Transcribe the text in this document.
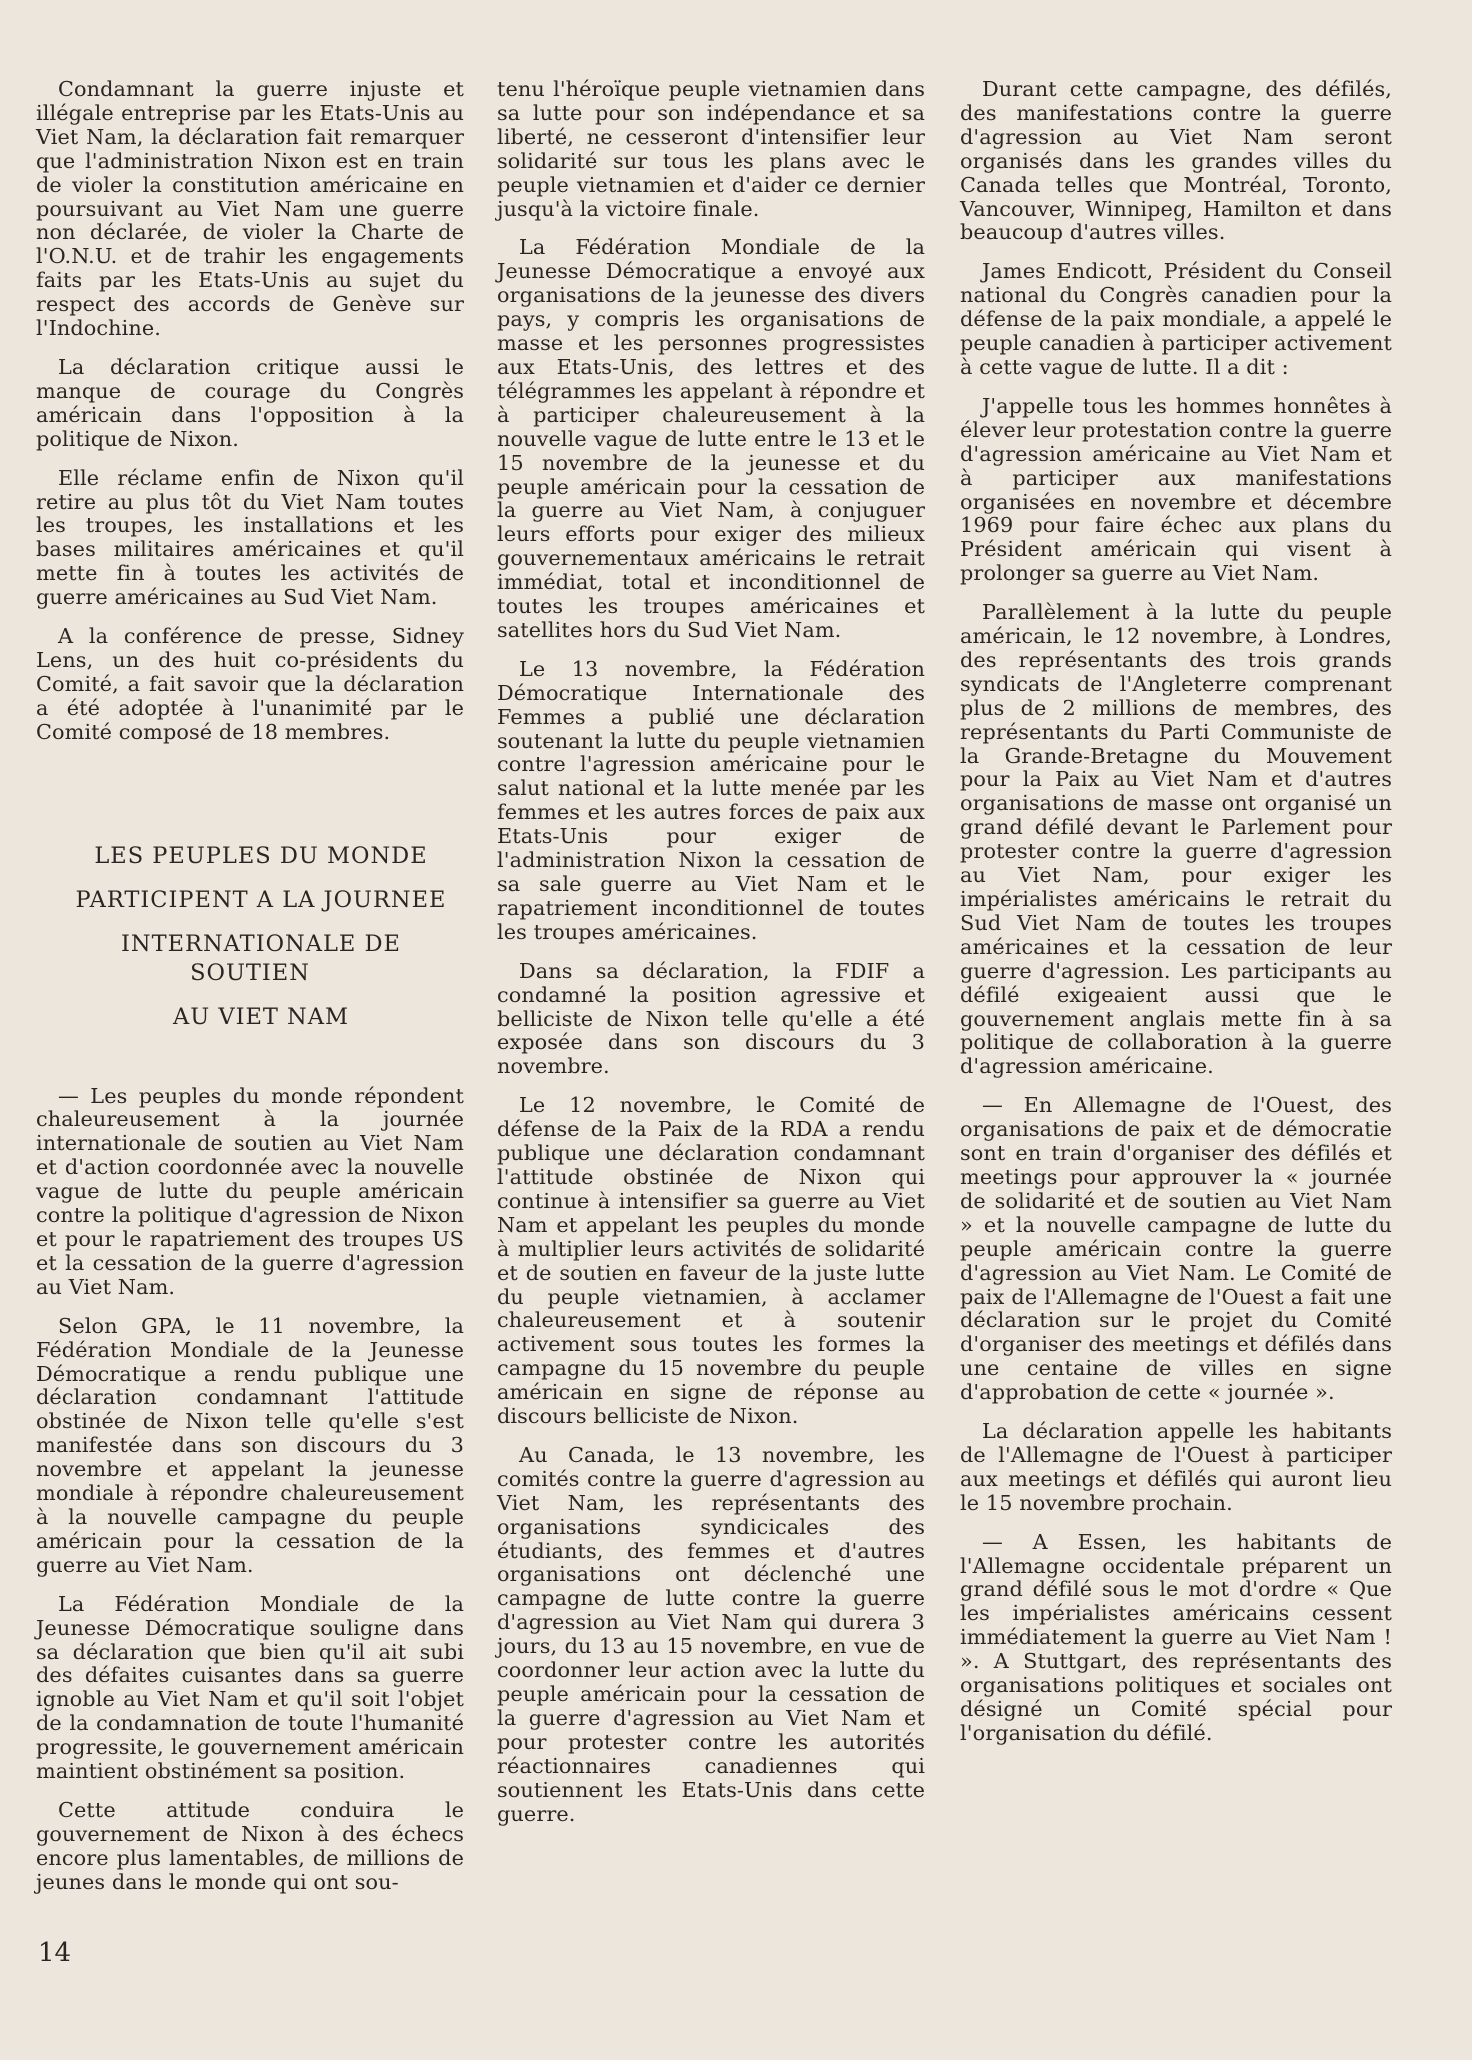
Condamnant la guerre injuste et illégale entreprise par les Etats-Unis au Viet Nam, la déclaration fait remarquer que l'administration Nixon est en train de violer la constitution américaine en poursuivant au Viet Nam une guerre non déclarée, de violer la Charte de l'O.N.U. et de trahir les engagements faits par les Etats-Unis au sujet du respect des accords de Genève sur l'Indochine.

La déclaration critique aussi le manque de courage du Congrès américain dans l'opposition à la politique de Nixon.

Elle réclame enfin de Nixon qu'il retire au plus tôt du Viet Nam toutes les troupes, les installations et les bases militaires américaines et qu'il mette fin à toutes les activités de guerre américaines au Sud Viet Nam.

A la conférence de presse, Sidney Lens, un des huit co-présidents du Comité, a fait savoir que la déclaration a été adoptée à l'unanimité par le Comité composé de 18 membres.

LES PEUPLES DU MONDE

PARTICIPENT A LA JOURNEE

INTERNATIONALE DE SOUTIEN

AU VIET NAM

— Les peuples du monde répondent chaleureusement à la journée internationale de soutien au Viet Nam et d'action coordonnée avec la nouvelle vague de lutte du peuple américain contre la politique d'agression de Nixon et pour le rapatriement des troupes US et la cessation de la guerre d'agression au Viet Nam.

Selon GPA, le 11 novembre, la Fédération Mondiale de la Jeunesse Démocratique a rendu publique une déclaration condamnant l'attitude obstinée de Nixon telle qu'elle s'est manifestée dans son discours du 3 novembre et appelant la jeunesse mondiale à répondre chaleureusement à la nouvelle campagne du peuple américain pour la cessation de la guerre au Viet Nam.

La Fédération Mondiale de la Jeunesse Démocratique souligne dans sa déclaration que bien qu'il ait subi des défaites cuisantes dans sa guerre ignoble au Viet Nam et qu'il soit l'objet de la condamnation de toute l'humanité progressite, le gouvernement américain maintient obstinément sa position.

Cette attitude conduira le gouvernement de Nixon à des échecs encore plus lamentables, de millions de jeunes dans le monde qui ont sou-

tenu l'héroïque peuple vietnamien dans sa lutte pour son indépendance et sa liberté, ne cesseront d'intensifier leur solidarité sur tous les plans avec le peuple vietnamien et d'aider ce dernier jusqu'à la victoire finale.

La Fédération Mondiale de la Jeunesse Démocratique a envoyé aux organisations de la jeunesse des divers pays, y compris les organisations de masse et les personnes progressistes aux Etats-Unis, des lettres et des télégrammes les appelant à répondre et à participer chaleureusement à la nouvelle vague de lutte entre le 13 et le 15 novembre de la jeunesse et du peuple américain pour la cessation de la guerre au Viet Nam, à conjuguer leurs efforts pour exiger des milieux gouvernementaux américains le retrait immédiat, total et inconditionnel de toutes les troupes américaines et satellites hors du Sud Viet Nam.

Le 13 novembre, la Fédération Démocratique Internationale des Femmes a publié une déclaration soutenant la lutte du peuple vietnamien contre l'agression américaine pour le salut national et la lutte menée par les femmes et les autres forces de paix aux Etats-Unis pour exiger de l'administration Nixon la cessation de sa sale guerre au Viet Nam et le rapatriement inconditionnel de toutes les troupes américaines.

Dans sa déclaration, la FDIF a condamné la position agressive et belliciste de Nixon telle qu'elle a été exposée dans son discours du 3 novembre.

Le 12 novembre, le Comité de défense de la Paix de la RDA a rendu publique une déclaration condamnant l'attitude obstinée de Nixon qui continue à intensifier sa guerre au Viet Nam et appelant les peuples du monde à multiplier leurs activités de solidarité et de soutien en faveur de la juste lutte du peuple vietnamien, à acclamer chaleureusement et à soutenir activement sous toutes les formes la campagne du 15 novembre du peuple américain en signe de réponse au discours belliciste de Nixon.

Au Canada, le 13 novembre, les comités contre la guerre d'agression au Viet Nam, les représentants des organisations syndicicales des étudiants, des femmes et d'autres organisations ont déclenché une campagne de lutte contre la guerre d'agression au Viet Nam qui durera 3 jours, du 13 au 15 novembre, en vue de coordonner leur action avec la lutte du peuple américain pour la cessation de la guerre d'agression au Viet Nam et pour protester contre les autorités réactionnaires canadiennes qui soutiennent les Etats-Unis dans cette guerre.

Durant cette campagne, des défilés, des manifestations contre la guerre d'agression au Viet Nam seront organisés dans les grandes villes du Canada telles que Montréal, Toronto, Vancouver, Winnipeg, Hamilton et dans beaucoup d'autres villes.

James Endicott, Président du Conseil national du Congrès canadien pour la défense de la paix mondiale, a appelé le peuple canadien à participer activement à cette vague de lutte. Il a dit :

J'appelle tous les hommes honnêtes à élever leur protestation contre la guerre d'agression américaine au Viet Nam et à participer aux manifestations organisées en novembre et décembre 1969 pour faire échec aux plans du Président américain qui visent à prolonger sa guerre au Viet Nam.

Parallèlement à la lutte du peuple américain, le 12 novembre, à Londres, des représentants des trois grands syndicats de l'Angleterre comprenant plus de 2 millions de membres, des représentants du Parti Communiste de la Grande-Bretagne du Mouvement pour la Paix au Viet Nam et d'autres organisations de masse ont organisé un grand défilé devant le Parlement pour protester contre la guerre d'agression au Viet Nam, pour exiger les impérialistes américains le retrait du Sud Viet Nam de toutes les troupes américaines et la cessation de leur guerre d'agression. Les participants au défilé exigeaient aussi que le gouvernement anglais mette fin à sa politique de collaboration à la guerre d'agression américaine.

— En Allemagne de l'Ouest, des organisations de paix et de démocratie sont en train d'organiser des défilés et meetings pour approuver la « journée de solidarité et de soutien au Viet Nam » et la nouvelle campagne de lutte du peuple américain contre la guerre d'agression au Viet Nam. Le Comité de paix de l'Allemagne de l'Ouest a fait une déclaration sur le projet du Comité d'organiser des meetings et défilés dans une centaine de villes en signe d'approbation de cette « journée ».

La déclaration appelle les habitants de l'Allemagne de l'Ouest à participer aux meetings et défilés qui auront lieu le 15 novembre prochain.

— A Essen, les habitants de l'Allemagne occidentale préparent un grand défilé sous le mot d'ordre « Que les impérialistes américains cessent immédiatement la guerre au Viet Nam ! ». A Stuttgart, des représentants des organisations politiques et sociales ont désigné un Comité spécial pour l'organisation du défilé.

14
